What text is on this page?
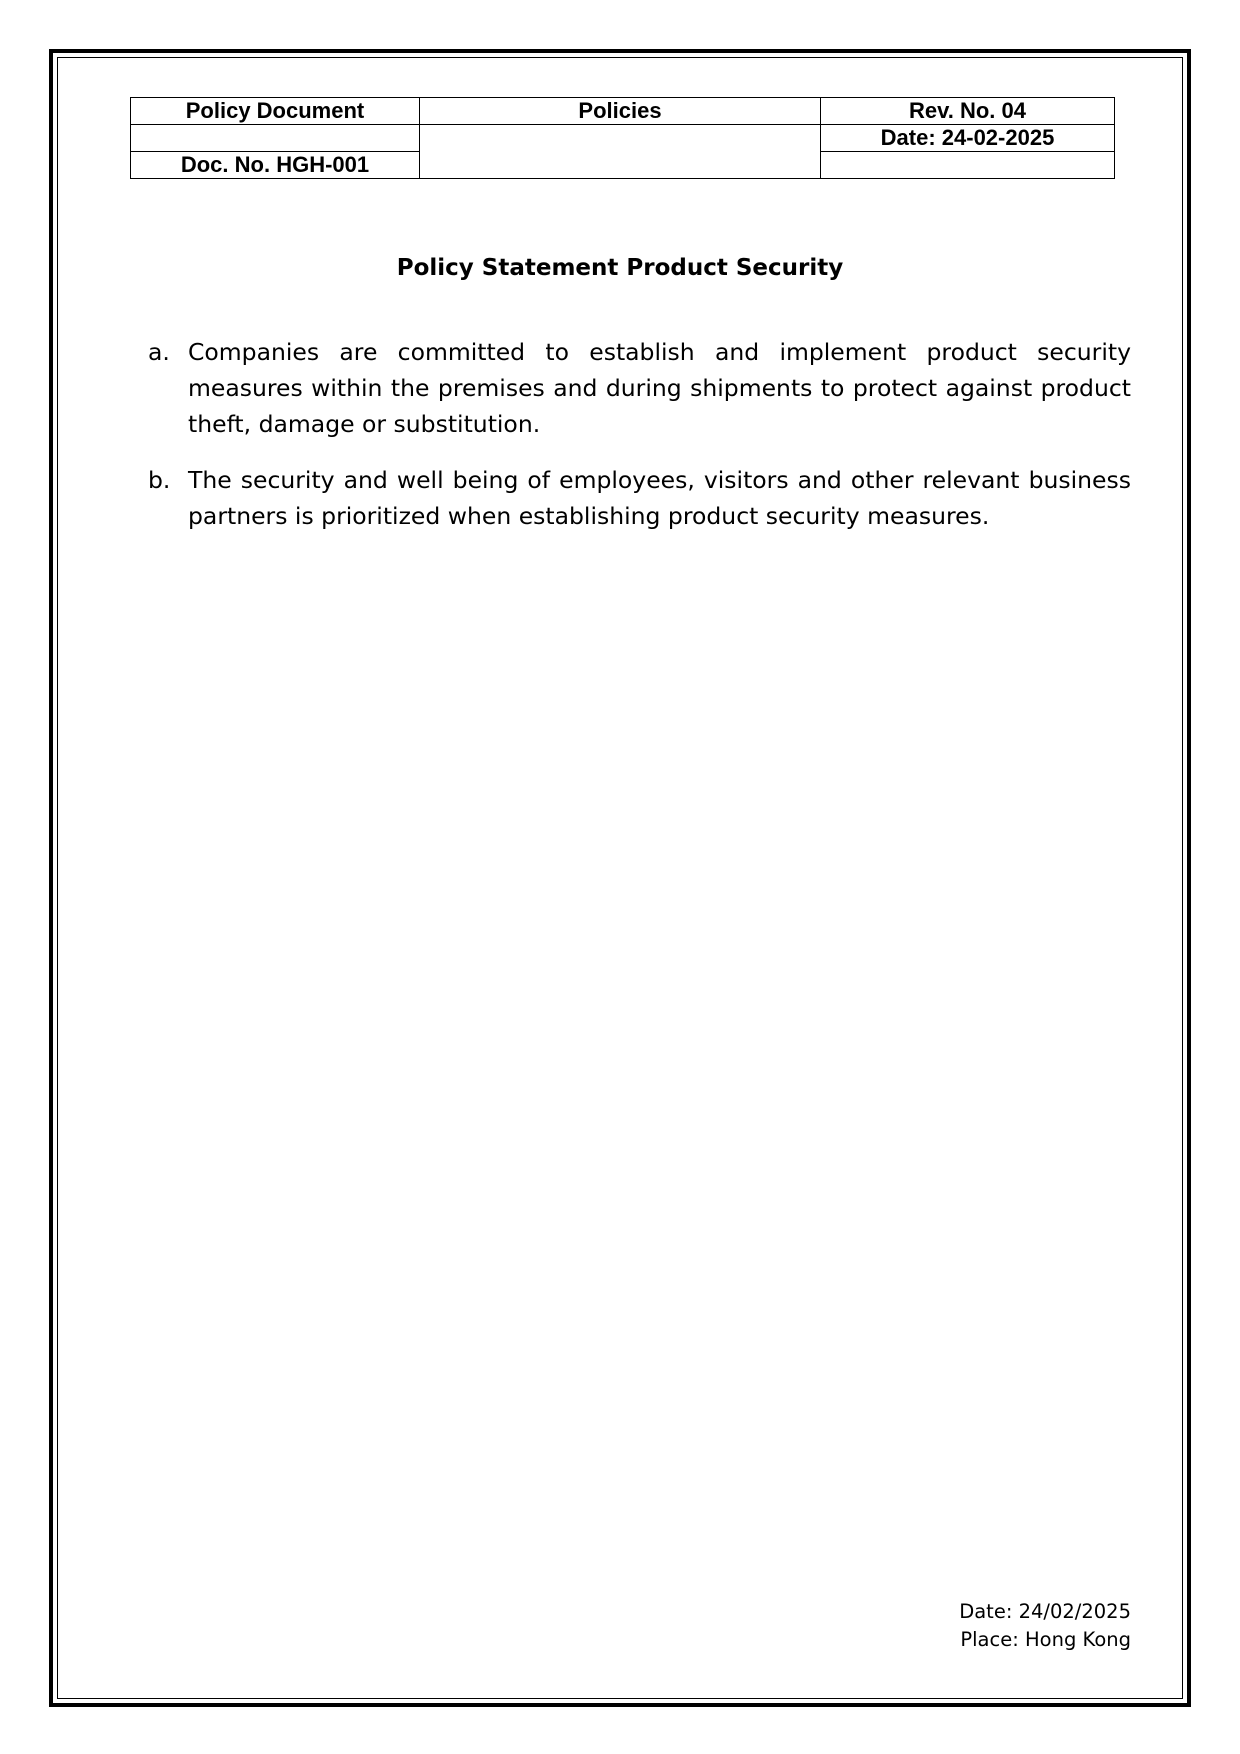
Policy Document	Policies	Rev. No. 04
		Date: 24-02-2025
Doc. No. HGH-001		
Policy Statement Product Security
a. Companies are committed to establish and implement product security measures within the premises and during shipments to protect against product theft, damage or substitution.
b. The security and well being of employees, visitors and other relevant business partners is prioritized when establishing product security measures.
Date: 24/02/2025
Place: Hong Kong
